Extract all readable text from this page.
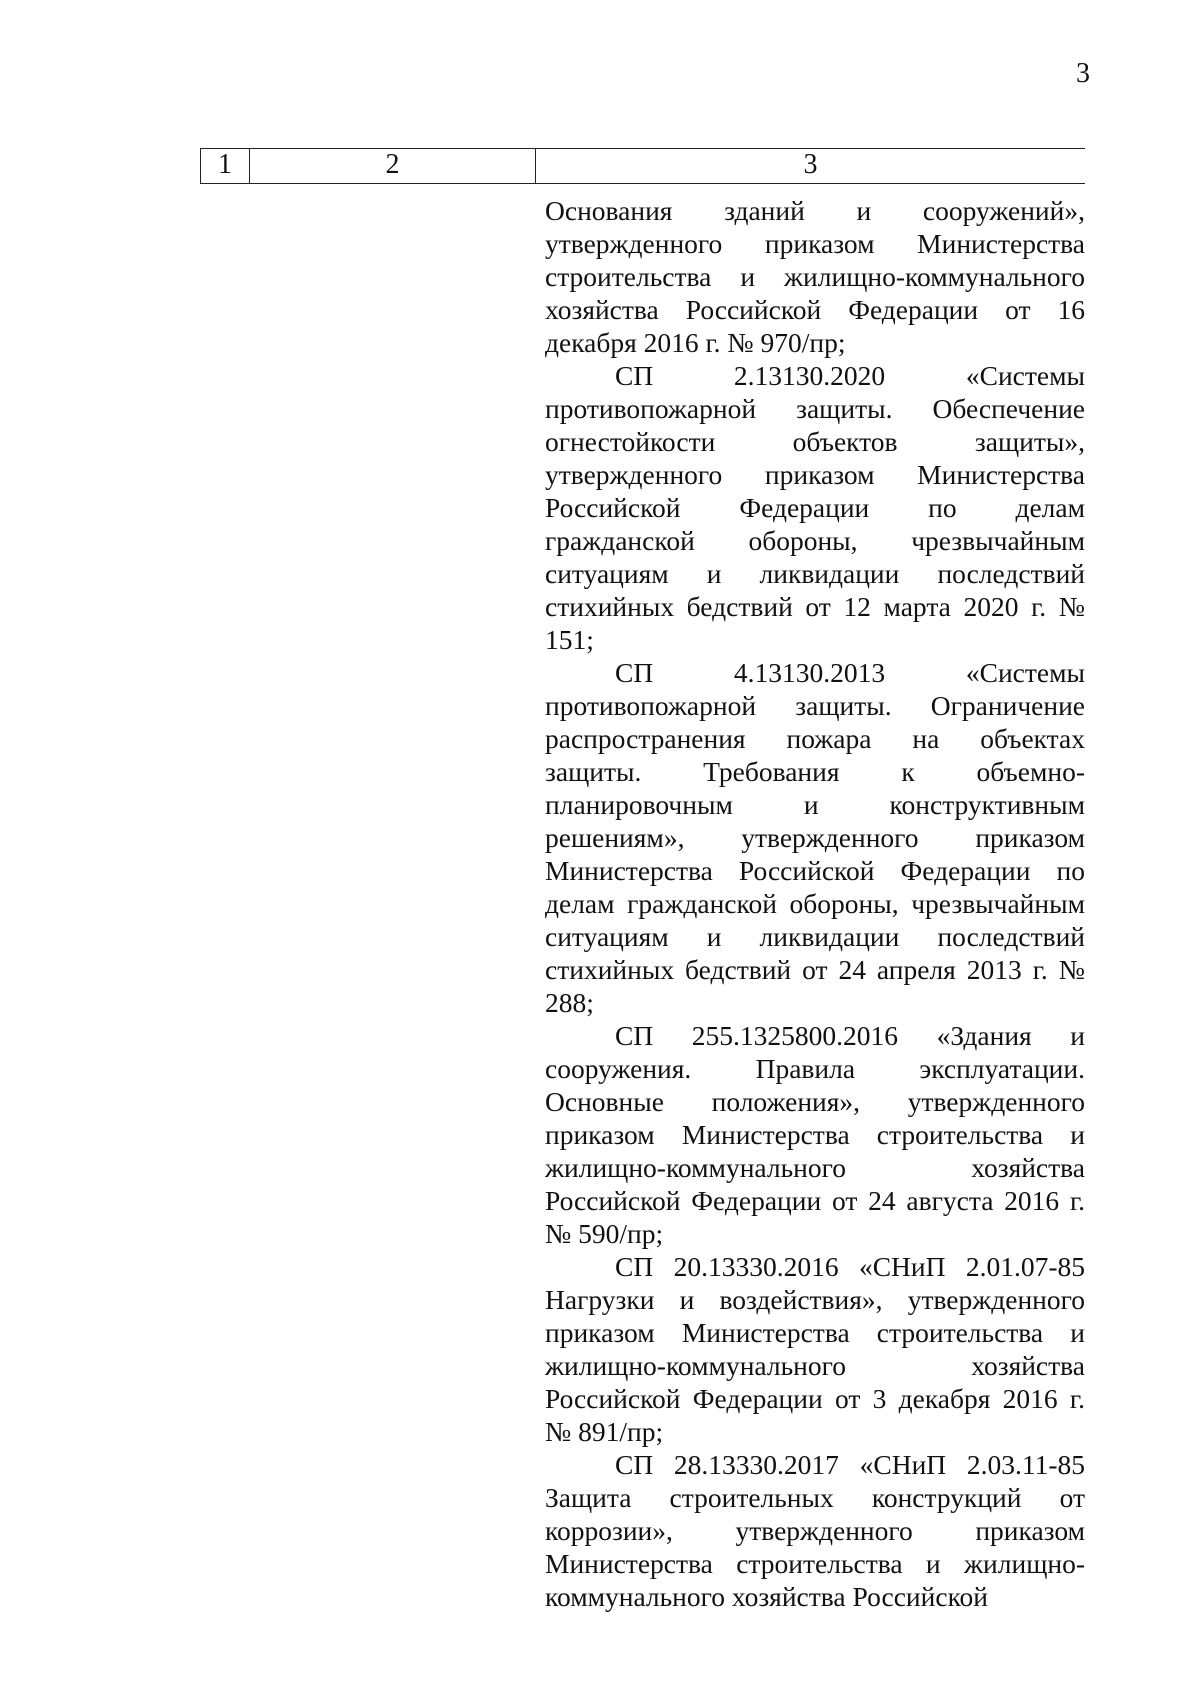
3
1	2	3

Основания зданий и сооружений», утвержденного приказом Министерства строительства и жилищно-коммунального хозяйства Российской Федерации от 16 декабря 2016 г. № 970/пр;

СП 2.13130.2020 «Системы противопожарной защиты. Обеспечение огнестойкости объектов защиты», утвержденного приказом Министерства Российской Федерации по делам гражданской обороны, чрезвычайным ситуациям и ликвидации последствий стихийных бедствий от 12 марта 2020 г. № 151;

СП 4.13130.2013 «Системы противопожарной защиты. Ограничение распространения пожара на объектах защиты. Требования к объемно-планировочным и конструктивным решениям», утвержденного приказом Министерства Российской Федерации по делам гражданской обороны, чрезвычайным ситуациям и ликвидации последствий стихийных бедствий от 24 апреля 2013 г. № 288;

СП 255.1325800.2016 «Здания и сооружения. Правила эксплуатации. Основные положения», утвержденного приказом Министерства строительства и жилищно-коммунального хозяйства Российской Федерации от 24 августа 2016 г. № 590/пр;

СП 20.13330.2016 «СНиП 2.01.07-85 Нагрузки и воздействия», утвержденного приказом Министерства строительства и жилищно-коммунального хозяйства Российской Федерации от 3 декабря 2016 г. № 891/пр;

СП 28.13330.2017 «СНиП 2.03.11-85 Защита строительных конструкций от коррозии», утвержденного приказом Министерства строительства и жилищно-коммунального хозяйства Российской
